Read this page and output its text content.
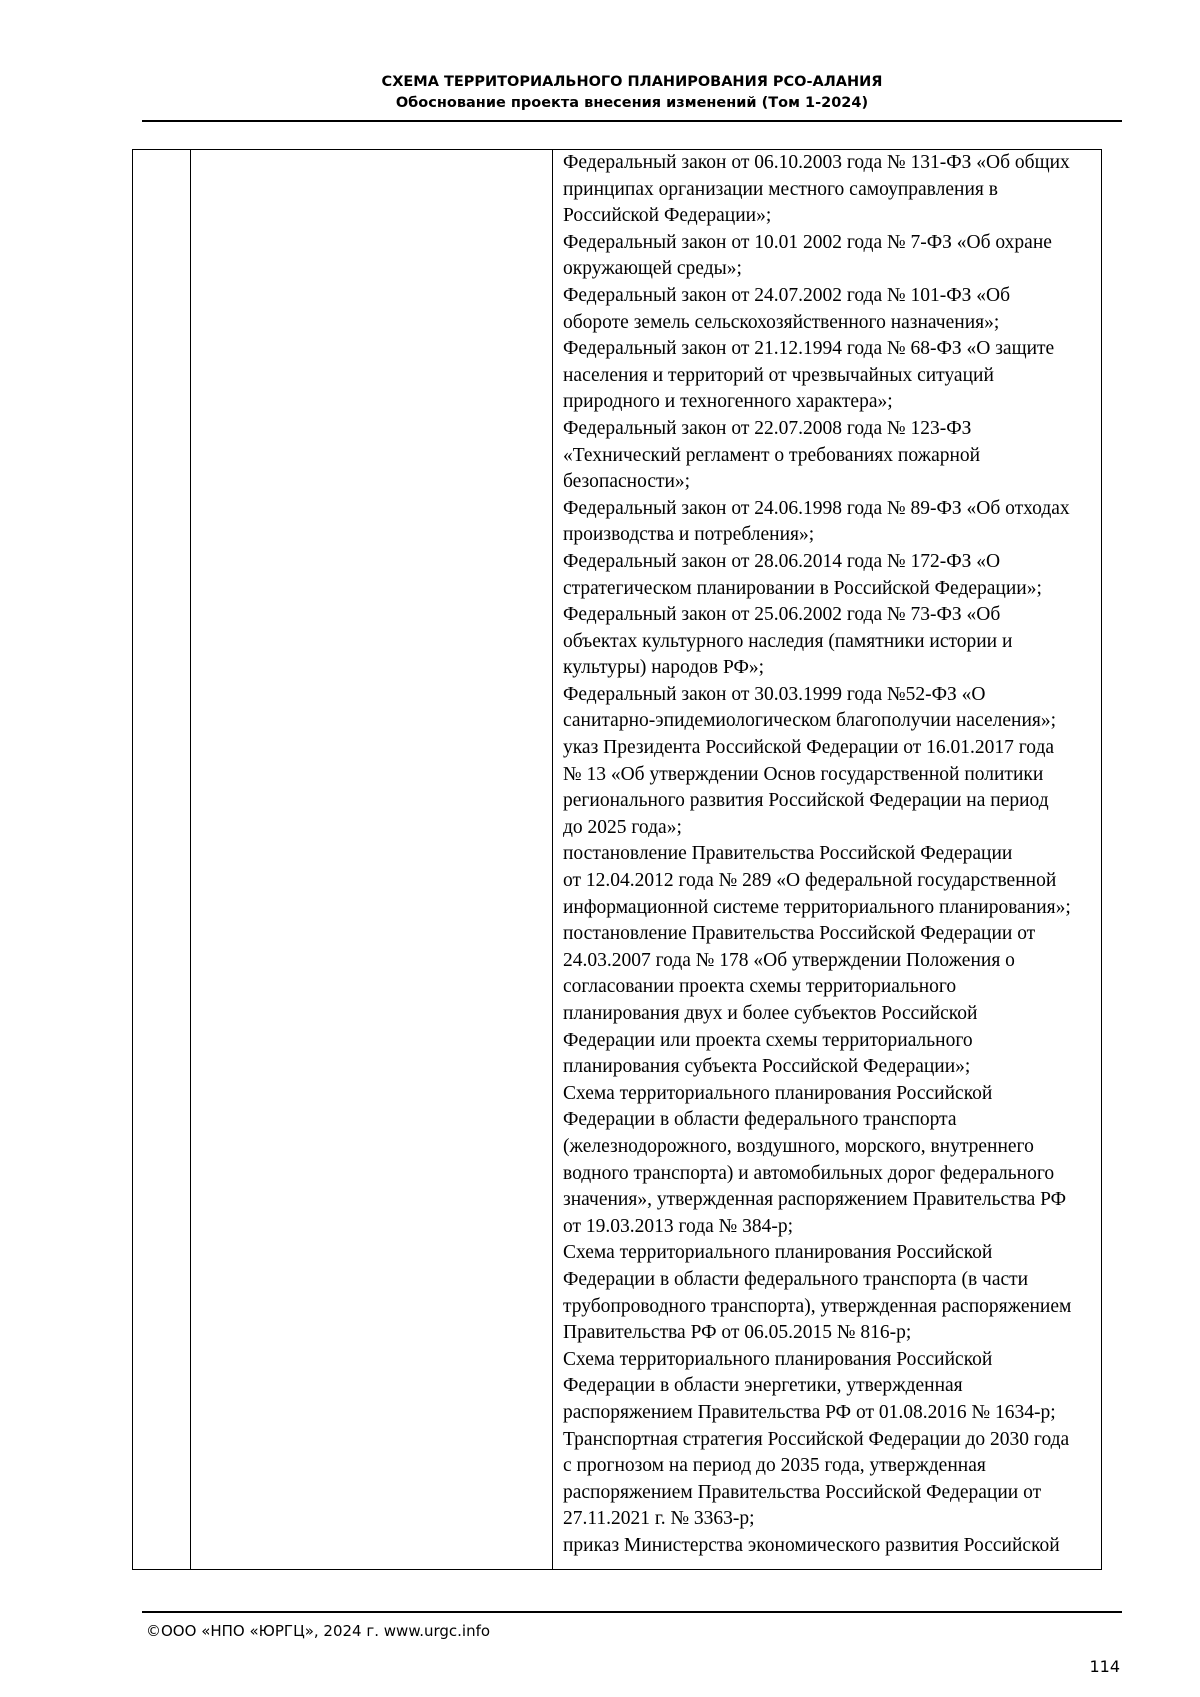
СХЕМА ТЕРРИТОРИАЛЬНОГО ПЛАНИРОВАНИЯ РСО-АЛАНИЯ
Обоснование проекта внесения изменений (Том 1-2024)

Федеральный закон от 06.10.2003 года № 131-ФЗ «Об общих
принципах организации местного самоуправления в
Российской Федерации»;
Федеральный закон от 10.01 2002 года № 7-ФЗ «Об охране
окружающей среды»;
Федеральный закон от 24.07.2002 года № 101-ФЗ «Об
обороте земель сельскохозяйственного назначения»;
Федеральный закон от 21.12.1994 года № 68-ФЗ «О защите
населения и территорий от чрезвычайных ситуаций
природного и техногенного характера»;
Федеральный закон от 22.07.2008 года № 123-ФЗ
«Технический регламент о требованиях пожарной
безопасности»;
Федеральный закон от 24.06.1998 года № 89-ФЗ «Об отходах
производства и потребления»;
Федеральный закон от 28.06.2014 года № 172-ФЗ «О
стратегическом планировании в Российской Федерации»;
Федеральный закон от 25.06.2002 года № 73-ФЗ «Об
объектах культурного наследия (памятники истории и
культуры) народов РФ»;
Федеральный закон от 30.03.1999 года №52-ФЗ «О
санитарно-эпидемиологическом благополучии населения»;
указ Президента Российской Федерации от 16.01.2017 года
№ 13 «Об утверждении Основ государственной политики
регионального развития Российской Федерации на период
до 2025 года»;
постановление Правительства Российской Федерации
от 12.04.2012 года № 289 «О федеральной государственной
информационной системе территориального планирования»;
постановление Правительства Российской Федерации от
24.03.2007 года № 178 «Об утверждении Положения о
согласовании проекта схемы территориального
планирования двух и более субъектов Российской
Федерации или проекта схемы территориального
планирования субъекта Российской Федерации»;
Схема территориального планирования Российской
Федерации в области федерального транспорта
(железнодорожного, воздушного, морского, внутреннего
водного транспорта) и автомобильных дорог федерального
значения», утвержденная распоряжением Правительства РФ
от 19.03.2013 года № 384-р;
Схема территориального планирования Российской
Федерации в области федерального транспорта (в части
трубопроводного транспорта), утвержденная распоряжением
Правительства РФ от 06.05.2015 № 816-р;
Схема территориального планирования Российской
Федерации в области энергетики, утвержденная
распоряжением Правительства РФ от 01.08.2016 № 1634-р;
Транспортная стратегия Российской Федерации до 2030 года
с прогнозом на период до 2035 года, утвержденная
распоряжением Правительства Российской Федерации от
27.11.2021 г. № 3363-р;
приказ Министерства экономического развития Российской
©ООО «НПО «ЮРГЦ», 2024 г. www.urgc.info
114
